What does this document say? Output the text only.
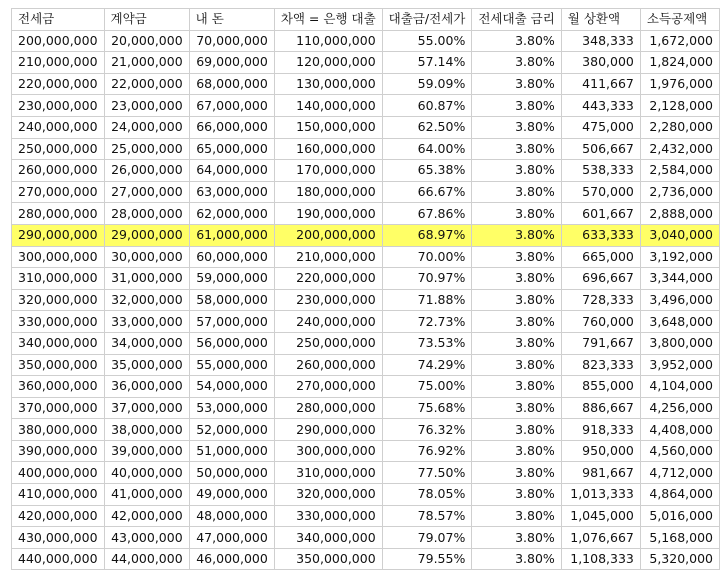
전세금	계약금	내 돈	차액 = 은행 대출	대출금/전세가	전세대출 금리	월 상환액	소득공제액
200,000,000	20,000,000	70,000,000	110,000,000	55.00%	3.80%	348,333	1,672,000
210,000,000	21,000,000	69,000,000	120,000,000	57.14%	3.80%	380,000	1,824,000
220,000,000	22,000,000	68,000,000	130,000,000	59.09%	3.80%	411,667	1,976,000
230,000,000	23,000,000	67,000,000	140,000,000	60.87%	3.80%	443,333	2,128,000
240,000,000	24,000,000	66,000,000	150,000,000	62.50%	3.80%	475,000	2,280,000
250,000,000	25,000,000	65,000,000	160,000,000	64.00%	3.80%	506,667	2,432,000
260,000,000	26,000,000	64,000,000	170,000,000	65.38%	3.80%	538,333	2,584,000
270,000,000	27,000,000	63,000,000	180,000,000	66.67%	3.80%	570,000	2,736,000
280,000,000	28,000,000	62,000,000	190,000,000	67.86%	3.80%	601,667	2,888,000
290,000,000	29,000,000	61,000,000	200,000,000	68.97%	3.80%	633,333	3,040,000
300,000,000	30,000,000	60,000,000	210,000,000	70.00%	3.80%	665,000	3,192,000
310,000,000	31,000,000	59,000,000	220,000,000	70.97%	3.80%	696,667	3,344,000
320,000,000	32,000,000	58,000,000	230,000,000	71.88%	3.80%	728,333	3,496,000
330,000,000	33,000,000	57,000,000	240,000,000	72.73%	3.80%	760,000	3,648,000
340,000,000	34,000,000	56,000,000	250,000,000	73.53%	3.80%	791,667	3,800,000
350,000,000	35,000,000	55,000,000	260,000,000	74.29%	3.80%	823,333	3,952,000
360,000,000	36,000,000	54,000,000	270,000,000	75.00%	3.80%	855,000	4,104,000
370,000,000	37,000,000	53,000,000	280,000,000	75.68%	3.80%	886,667	4,256,000
380,000,000	38,000,000	52,000,000	290,000,000	76.32%	3.80%	918,333	4,408,000
390,000,000	39,000,000	51,000,000	300,000,000	76.92%	3.80%	950,000	4,560,000
400,000,000	40,000,000	50,000,000	310,000,000	77.50%	3.80%	981,667	4,712,000
410,000,000	41,000,000	49,000,000	320,000,000	78.05%	3.80%	1,013,333	4,864,000
420,000,000	42,000,000	48,000,000	330,000,000	78.57%	3.80%	1,045,000	5,016,000
430,000,000	43,000,000	47,000,000	340,000,000	79.07%	3.80%	1,076,667	5,168,000
440,000,000	44,000,000	46,000,000	350,000,000	79.55%	3.80%	1,108,333	5,320,000
